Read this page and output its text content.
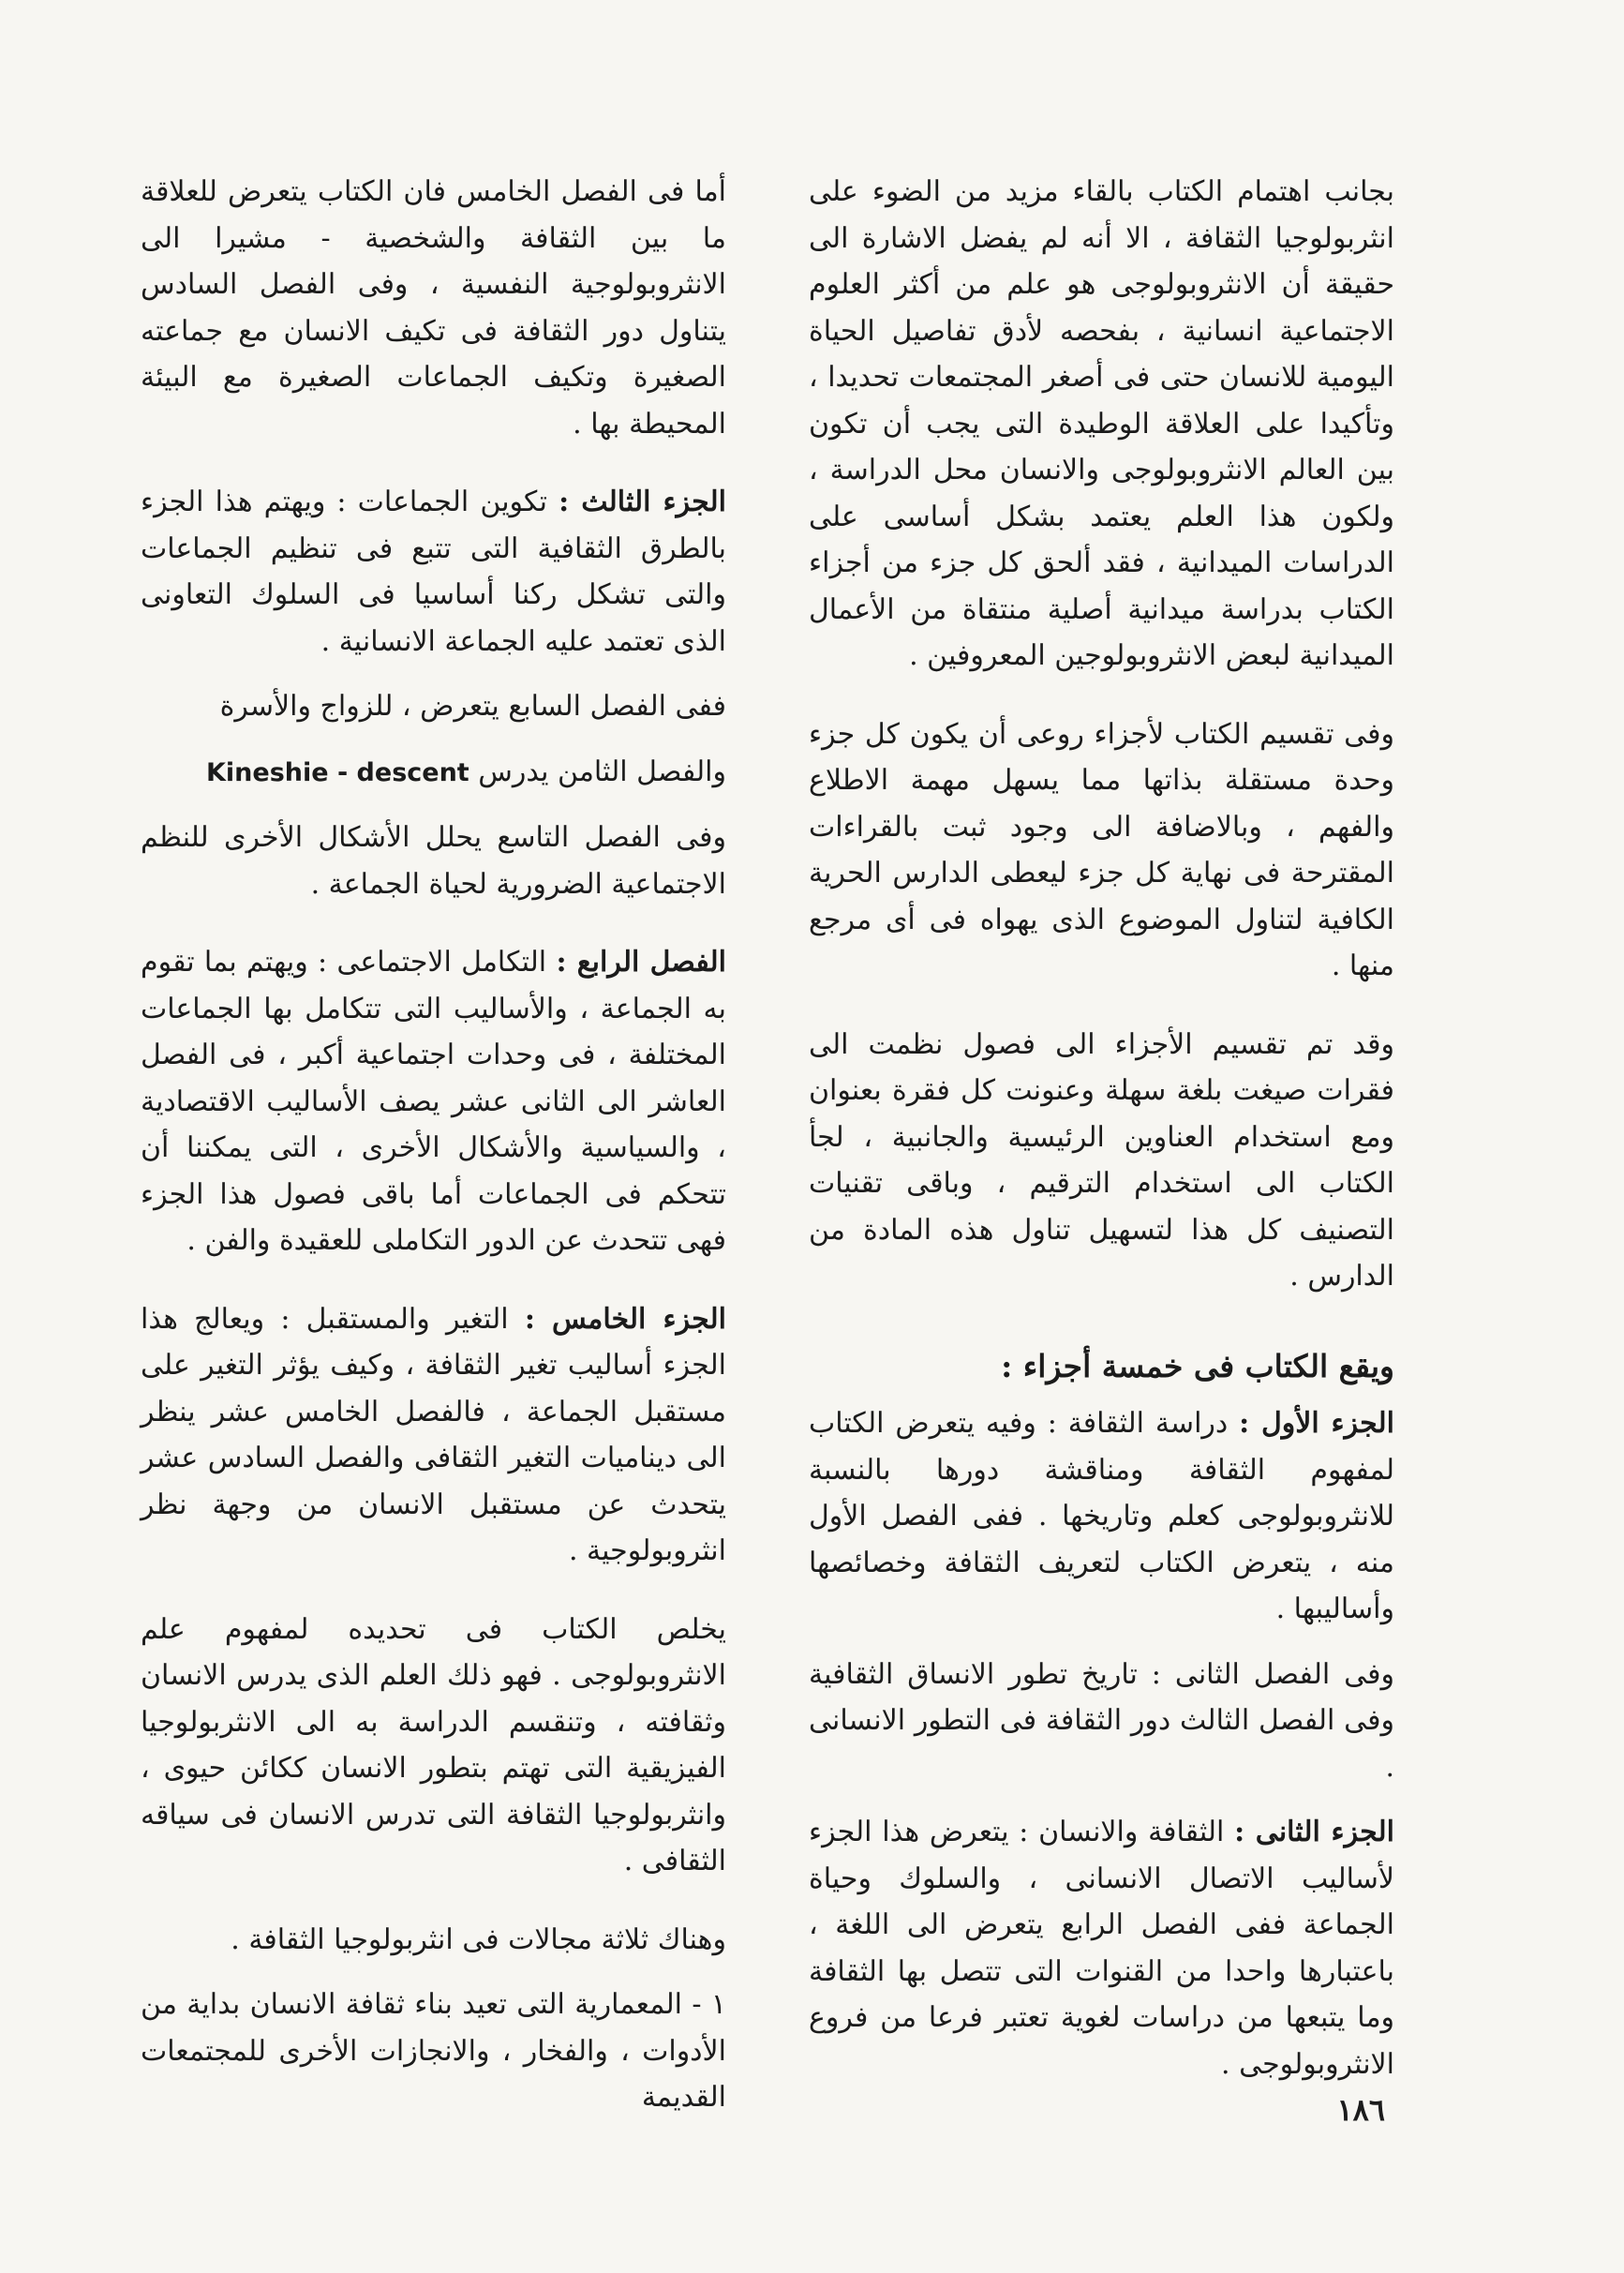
بجانب اهتمام الكتاب بالقاء مزيد من الضوء على انثربولوجيا الثقافة ، الا أنه لم يفضل الاشارة الى حقيقة أن الانثروبولوجى هو علم من أكثر العلوم الاجتماعية انسانية ، بفحصه لأدق تفاصيل الحياة اليومية للانسان حتى فى أصغر المجتمعات تحديدا ، وتأكيدا على العلاقة الوطيدة التى يجب أن تكون بين العالم الانثروبولوجى والانسان محل الدراسة ، ولكون هذا العلم يعتمد بشكل أساسى على الدراسات الميدانية ، فقد ألحق كل جزء من أجزاء الكتاب بدراسة ميدانية أصلية منتقاة من الأعمال الميدانية لبعض الانثروبولوجين المعروفين .

وفى تقسيم الكتاب لأجزاء روعى أن يكون كل جزء وحدة مستقلة بذاتها مما يسهل مهمة الاطلاع والفهم ، وبالاضافة الى وجود ثبت بالقراءات المقترحة فى نهاية كل جزء ليعطى الدارس الحرية الكافية لتناول الموضوع الذى يهواه فى أى مرجع منها .

وقد تم تقسيم الأجزاء الى فصول نظمت الى فقرات صيغت بلغة سهلة وعنونت كل فقرة بعنوان ومع استخدام العناوين الرئيسية والجانبية ، لجأ الكتاب الى استخدام الترقيم ، وباقى تقنيات التصنيف كل هذا لتسهيل تناول هذه المادة من الدارس .

ويقع الكتاب فى خمسة أجزاء :

الجزء الأول : دراسة الثقافة : وفيه يتعرض الكتاب لمفهوم الثقافة ومناقشة دورها بالنسبة للانثروبولوجى كعلم وتاريخها . ففى الفصل الأول منه ، يتعرض الكتاب لتعريف الثقافة وخصائصها وأساليبها .

وفى الفصل الثانى : تاريخ تطور الانساق الثقافية وفى الفصل الثالث دور الثقافة فى التطور الانسانى .

الجزء الثانى : الثقافة والانسان : يتعرض هذا الجزء لأساليب الاتصال الانسانى ، والسلوك وحياة الجماعة ففى الفصل الرابع يتعرض الى اللغة ، باعتبارها واحدا من القنوات التى تتصل بها الثقافة وما يتبعها من دراسات لغوية تعتبر فرعا من فروع الانثروبولوجى .

أما فى الفصل الخامس فان الكتاب يتعرض للعلاقة ما بين الثقافة والشخصية - مشيرا الى الانثروبولوجية النفسية ، وفى الفصل السادس يتناول دور الثقافة فى تكيف الانسان مع جماعته الصغيرة وتكيف الجماعات الصغيرة مع البيئة المحيطة بها .

الجزء الثالث : تكوين الجماعات : ويهتم هذا الجزء بالطرق الثقافية التى تتبع فى تنظيم الجماعات والتى تشكل ركنا أساسيا فى السلوك التعاونى الذى تعتمد عليه الجماعة الانسانية .

ففى الفصل السابع يتعرض ، للزواج والأسرة

والفصل الثامن يدرس Kineshie - descent

وفى الفصل التاسع يحلل الأشكال الأخرى للنظم الاجتماعية الضرورية لحياة الجماعة .

الفصل الرابع : التكامل الاجتماعى : ويهتم بما تقوم به الجماعة ، والأساليب التى تتكامل بها الجماعات المختلفة ، فى وحدات اجتماعية أكبر ، فى الفصل العاشر الى الثانى عشر يصف الأساليب الاقتصادية ، والسياسية والأشكال الأخرى ، التى يمكننا أن تتحكم فى الجماعات أما باقى فصول هذا الجزء فهى تتحدث عن الدور التكاملى للعقيدة والفن .

الجزء الخامس : التغير والمستقبل : ويعالج هذا الجزء أساليب تغير الثقافة ، وكيف يؤثر التغير على مستقبل الجماعة ، فالفصل الخامس عشر ينظر الى ديناميات التغير الثقافى والفصل السادس عشر يتحدث عن مستقبل الانسان من وجهة نظر انثروبولوجية .

يخلص الكتاب فى تحديده لمفهوم علم الانثروبولوجى . فهو ذلك العلم الذى يدرس الانسان وثقافته ، وتنقسم الدراسة به الى الانثربولوجيا الفيزيقية التى تهتم بتطور الانسان ككائن حيوى ، وانثربولوجيا الثقافة التى تدرس الانسان فى سياقه الثقافى .

وهناك ثلاثة مجالات فى انثربولوجيا الثقافة .

١ - المعمارية التى تعيد بناء ثقافة الانسان بداية من الأدوات ، والفخار ، والانجازات الأخرى للمجتمعات القديمة	١٨٦
